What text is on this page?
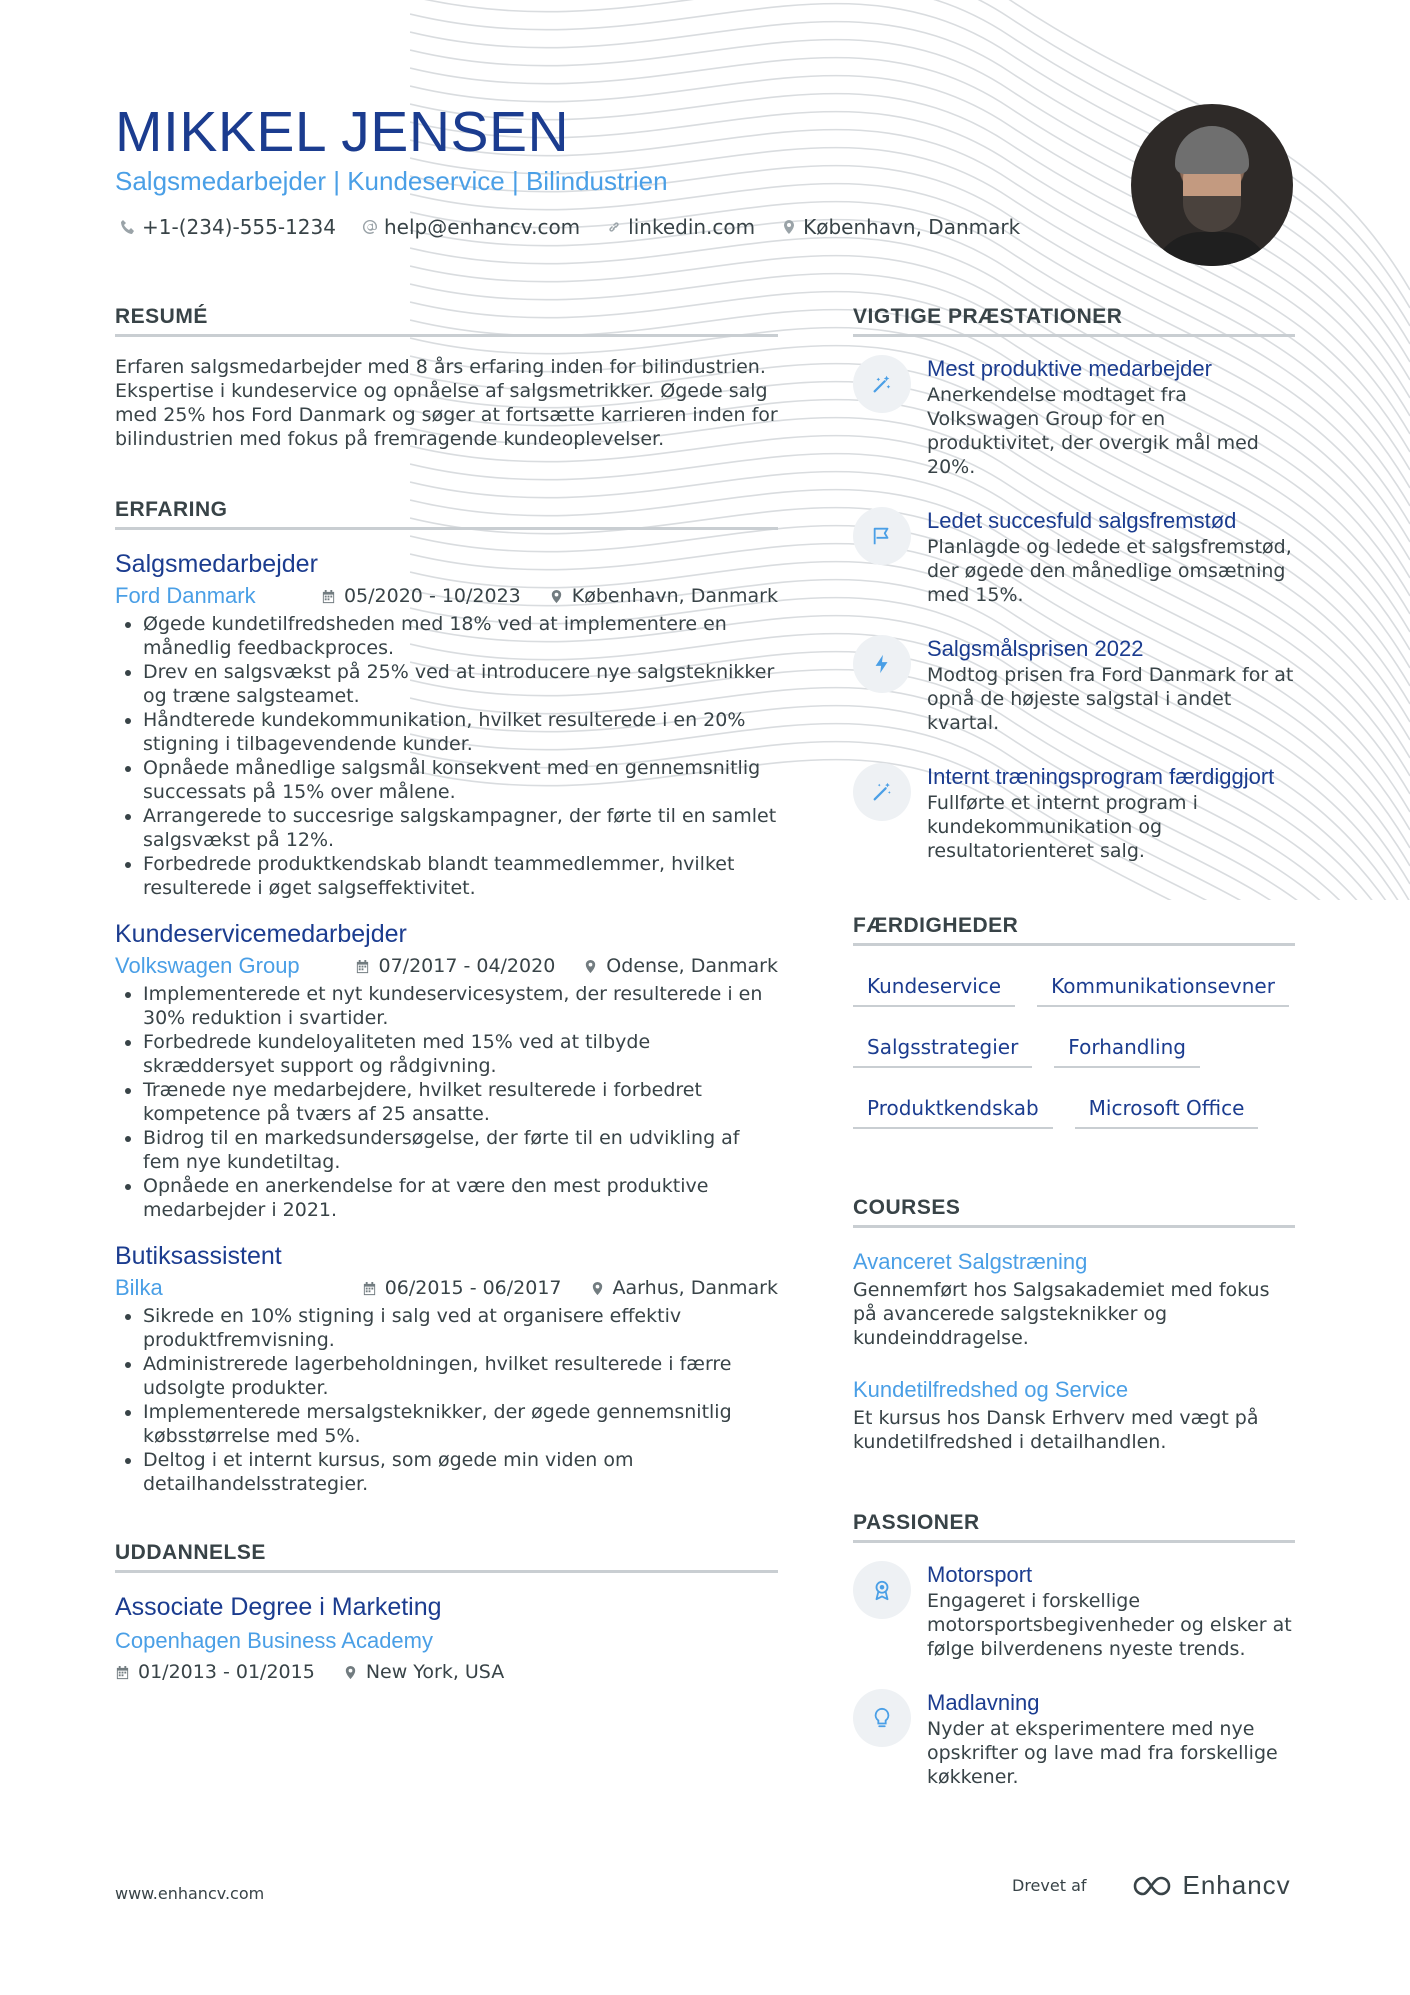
MIKKEL JENSEN
Salgsmedarbejder | Kundeservice | Bilindustrien
+1-(234)-555-1234 help@enhancv.com linkedin.com København, Danmark
RESUMÉ
Erfaren salgsmedarbejder med 8 års erfaring inden for bilindustrien. Ekspertise i kundeservice og opnåelse af salgsmetrikker. Øgede salg med 25% hos Ford Danmark og søger at fortsætte karrieren inden for bilindustrien med fokus på fremragende kundeoplevelser.
ERFARING
Salgsmedarbejder
Ford Danmark	05/2020 - 10/2023	København, Danmark
• Øgede kundetilfredsheden med 18% ved at implementere en månedlig feedbackproces.
• Drev en salgsvækst på 25% ved at introducere nye salgsteknikker og træne salgsteamet.
• Håndterede kundekommunikation, hvilket resulterede i en 20% stigning i tilbagevendende kunder.
• Opnåede månedlige salgsmål konsekvent med en gennemsnitlig successats på 15% over målene.
• Arrangerede to succesrige salgskampagner, der førte til en samlet salgsvækst på 12%.
• Forbedrede produktkendskab blandt teammedlemmer, hvilket resulterede i øget salgseffektivitet.
Kundeservicemedarbejder
Volkswagen Group	07/2017 - 04/2020	Odense, Danmark
• Implementerede et nyt kundeservicesystem, der resulterede i en 30% reduktion i svartider.
• Forbedrede kundeloyaliteten med 15% ved at tilbyde skræddersyet support og rådgivning.
• Trænede nye medarbejdere, hvilket resulterede i forbedret kompetence på tværs af 25 ansatte.
• Bidrog til en markedsundersøgelse, der førte til en udvikling af fem nye kundetiltag.
• Opnåede en anerkendelse for at være den mest produktive medarbejder i 2021.
Butiksassistent
Bilka	06/2015 - 06/2017	Aarhus, Danmark
• Sikrede en 10% stigning i salg ved at organisere effektiv produktfremvisning.
• Administrerede lagerbeholdningen, hvilket resulterede i færre udsolgte produkter.
• Implementerede mersalgsteknikker, der øgede gennemsnitlig købsstørrelse med 5%.
• Deltog i et internt kursus, som øgede min viden om detailhandelsstrategier.
UDDANNELSE
Associate Degree i Marketing
Copenhagen Business Academy
01/2013 - 01/2015	New York, USA
VIGTIGE PRÆSTATIONER
Mest produktive medarbejder
Anerkendelse modtaget fra Volkswagen Group for en produktivitet, der overgik mål med 20%.
Ledet succesfuld salgsfremstød
Planlagde og ledede et salgsfremstød, der øgede den månedlige omsætning med 15%.
Salgsmålsprisen 2022
Modtog prisen fra Ford Danmark for at opnå de højeste salgstal i andet kvartal.
Internt træningsprogram færdiggjort
Fullførte et internt program i kundekommunikation og resultatorienteret salg.
FÆRDIGHEDER
Kundeservice	Kommunikationsevner
Salgsstrategier	Forhandling
Produktkendskab	Microsoft Office
COURSES
Avanceret Salgstræning
Gennemført hos Salgsakademiet med fokus på avancerede salgsteknikker og kundeinddragelse.
Kundetilfredshed og Service
Et kursus hos Dansk Erhverv med vægt på kundetilfredshed i detailhandlen.
PASSIONER
Motorsport
Engageret i forskellige motorsportsbegivenheder og elsker at følge bilverdenens nyeste trends.
Madlavning
Nyder at eksperimentere med nye opskrifter og lave mad fra forskellige køkkener.
www.enhancv.com	Drevet af	Enhancv
